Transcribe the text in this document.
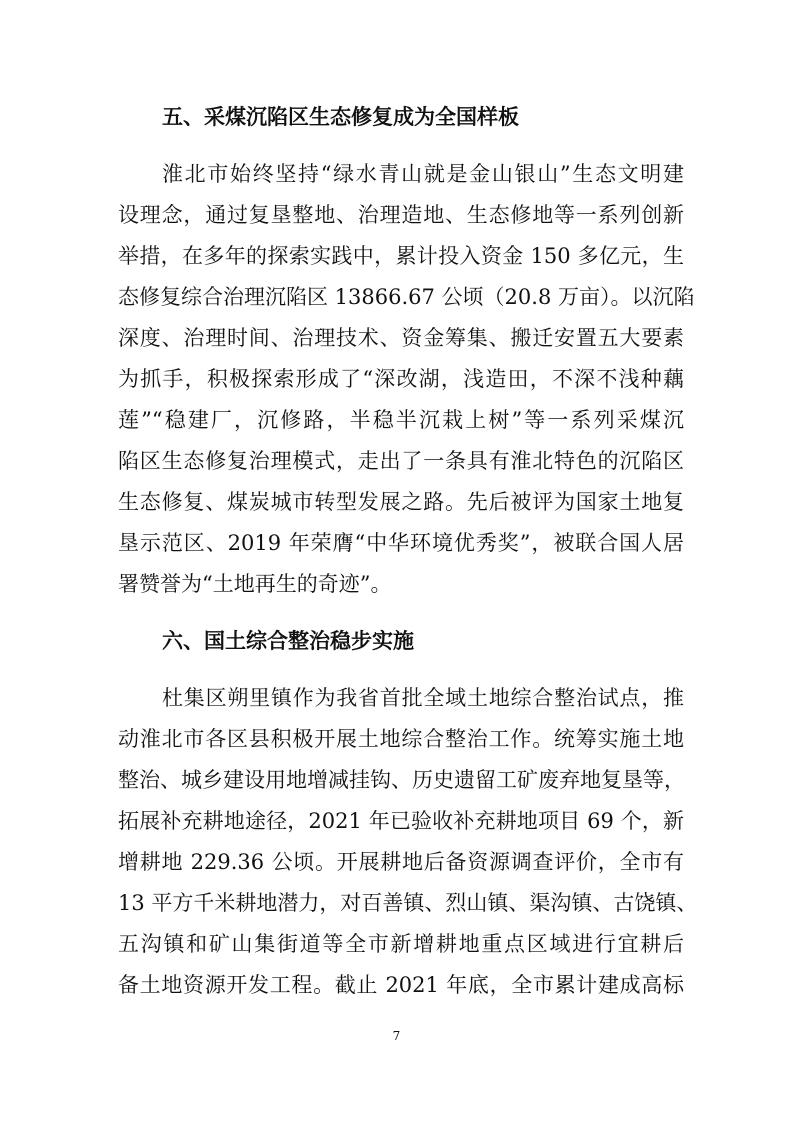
五、采煤沉陷区生态修复成为全国样板
淮北市始终坚持“绿水青山就是金山银山”生态文明建
设理念，通过复垦整地、治理造地、生态修地等一系列创新
举措，在多年的探索实践中，累计投入资金 150 多亿元，生
态修复综合治理沉陷区 13866.67 公顷（20.8 万亩）。以沉陷
深度、治理时间、治理技术、资金筹集、搬迁安置五大要素
为抓手，积极探索形成了“深改湖，浅造田，不深不浅种藕
莲”“稳建厂，沉修路，半稳半沉栽上树”等一系列采煤沉
陷区生态修复治理模式，走出了一条具有淮北特色的沉陷区
生态修复、煤炭城市转型发展之路。先后被评为国家土地复
垦示范区、2019 年荣膺“中华环境优秀奖”，被联合国人居
署赞誉为“土地再生的奇迹”。
六、国土综合整治稳步实施
杜集区朔里镇作为我省首批全域土地综合整治试点，推
动淮北市各区县积极开展土地综合整治工作。统筹实施土地
整治、城乡建设用地增减挂钩、历史遗留工矿废弃地复垦等，
拓展补充耕地途径，2021 年已验收补充耕地项目 69 个，新
增耕地 229.36 公顷。开展耕地后备资源调查评价，全市有
13 平方千米耕地潜力，对百善镇、烈山镇、渠沟镇、古饶镇、
五沟镇和矿山集街道等全市新增耕地重点区域进行宜耕后
备土地资源开发工程。截止 2021 年底，全市累计建成高标
7
